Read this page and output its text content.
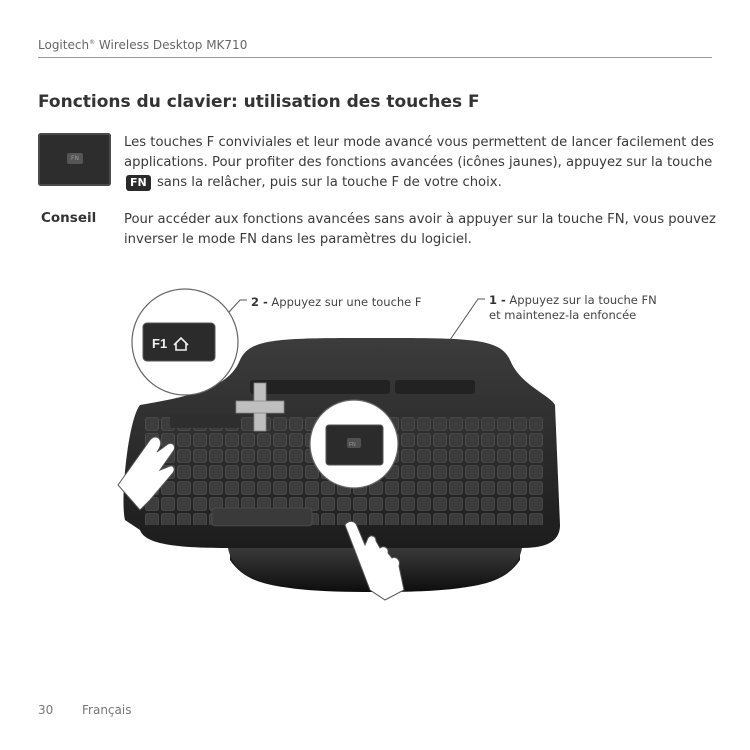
Logitech® Wireless Desktop MK710
Fonctions du clavier: utilisation des touches F
FN
Les touches F conviviales et leur mode avancé vous permettent de lancer facilement des applications. Pour profiter des fonctions avancées (icônes jaunes), appuyez sur la touche FN sans la relâcher, puis sur la touche F de votre choix.
Conseil Pour accéder aux fonctions avancées sans avoir à appuyer sur la touche FN, vous pouvez inverser le mode FN dans les paramètres du logiciel.
2 - Appuyez sur une touche F	1 - Appuyez sur la touche FN
et maintenez-la enfoncée
F1
FN
30 Français
